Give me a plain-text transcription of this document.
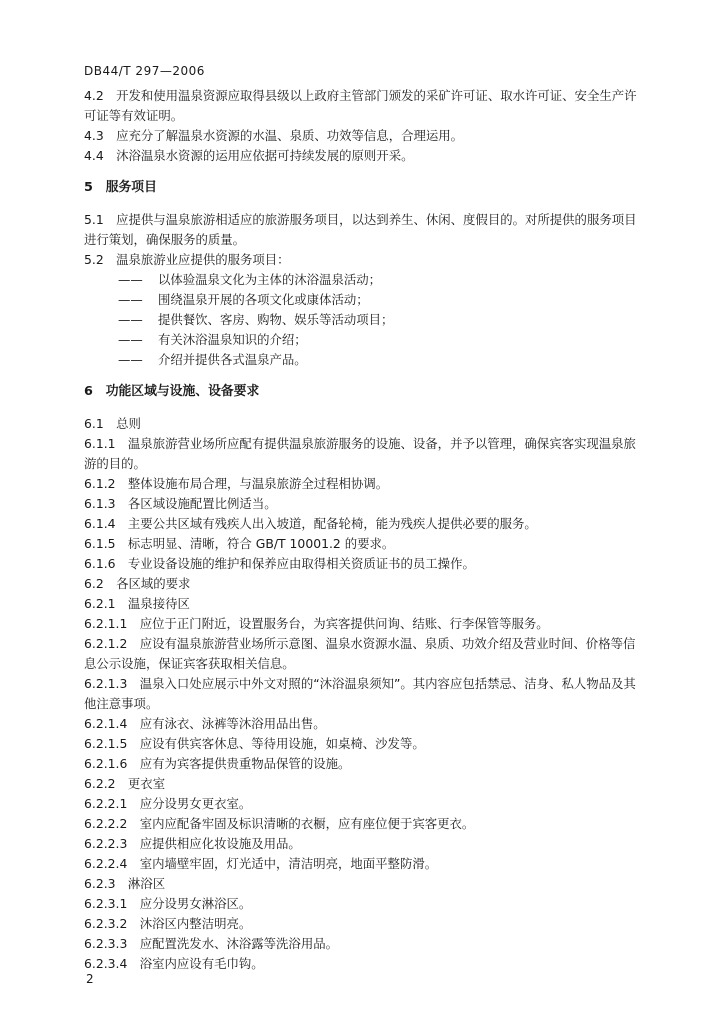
DB44/T 297—2006

4.2　开发和使用温泉资源应取得县级以上政府主管部门颁发的采矿许可证、取水许可证、安全生产许

可证等有效证明。

4.3　应充分了解温泉水资源的水温、泉质、功效等信息，合理运用。

4.4　沐浴温泉水资源的运用应依据可持续发展的原则开采。

5　服务项目

5.1　应提供与温泉旅游相适应的旅游服务项目，以达到养生、休闲、度假目的。对所提供的服务项目

进行策划，确保服务的质量。

5.2　温泉旅游业应提供的服务项目：

——	以体验温泉文化为主体的沐浴温泉活动；
——	围绕温泉开展的各项文化或康体活动；
——	提供餐饮、客房、购物、娱乐等活动项目；
——	有关沐浴温泉知识的介绍；
——	介绍并提供各式温泉产品。

6　功能区域与设施、设备要求

6.1　总则

6.1.1　温泉旅游营业场所应配有提供温泉旅游服务的设施、设备，并予以管理，确保宾客实现温泉旅

游的目的。

6.1.2　整体设施布局合理，与温泉旅游全过程相协调。

6.1.3　各区域设施配置比例适当。

6.1.4　主要公共区域有残疾人出入坡道，配备轮椅，能为残疾人提供必要的服务。

6.1.5　标志明显、清晰，符合 GB/T 10001.2 的要求。

6.1.6　专业设备设施的维护和保养应由取得相关资质证书的员工操作。

6.2　各区域的要求

6.2.1　温泉接待区

6.2.1.1　应位于正门附近，设置服务台，为宾客提供问询、结账、行李保管等服务。

6.2.1.2　应设有温泉旅游营业场所示意图、温泉水资源水温、泉质、功效介绍及营业时间、价格等信

息公示设施，保证宾客获取相关信息。

6.2.1.3　温泉入口处应展示中外文对照的“沐浴温泉须知”。其内容应包括禁忌、洁身、私人物品及其

他注意事项。

6.2.1.4　应有泳衣、泳裤等沐浴用品出售。

6.2.1.5　应设有供宾客休息、等待用设施，如桌椅、沙发等。

6.2.1.6　应有为宾客提供贵重物品保管的设施。

6.2.2　更衣室

6.2.2.1　应分设男女更衣室。

6.2.2.2　室内应配备牢固及标识清晰的衣橱，应有座位便于宾客更衣。

6.2.2.3　应提供相应化妆设施及用品。

6.2.2.4　室内墙壁牢固，灯光适中，清洁明亮，地面平整防滑。

6.2.3　淋浴区

6.2.3.1　应分设男女淋浴区。

6.2.3.2　沐浴区内整洁明亮。

6.2.3.3　应配置洗发水、沐浴露等洗浴用品。

6.2.3.4　浴室内应设有毛巾钩。

2
